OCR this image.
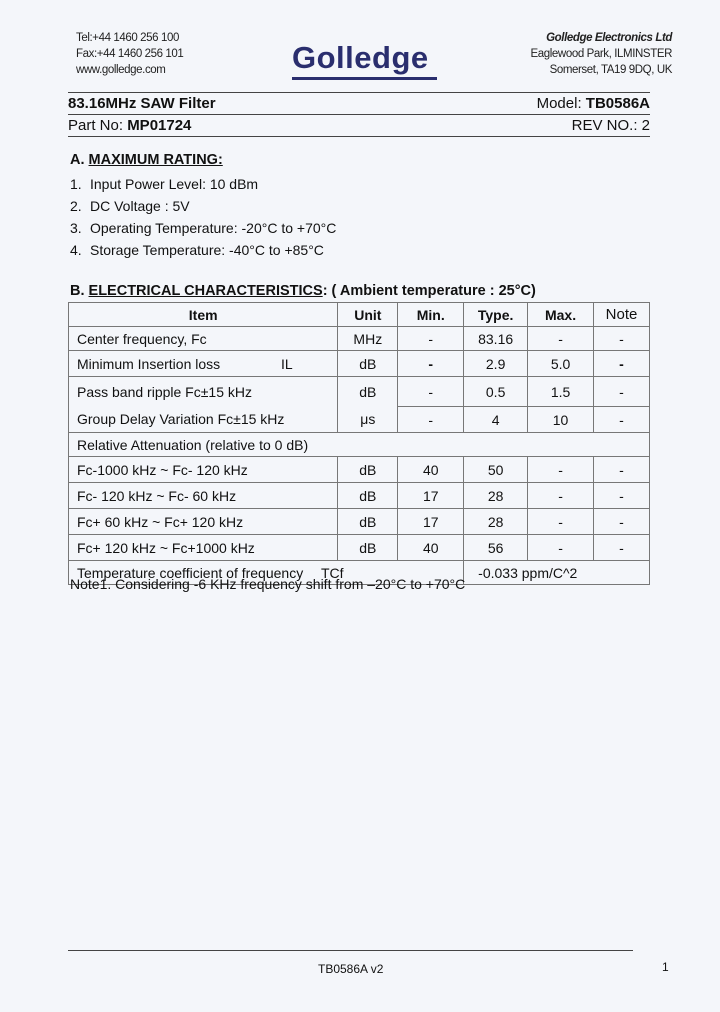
Tel:+44 1460 256 100
Fax:+44 1460 256 101
www.golledge.com	Golledge
Golledge Electronics Ltd
Eaglewood Park, ILMINSTER
Somerset, TA19 9DQ, UK
83.16MHz SAW Filter	Model: TB0586A
Part No: MP01724	REV NO.: 2
A. MAXIMUM RATING:
1. Input Power Level: 10 dBm
2. DC Voltage : 5V
3. Operating Temperature: -20°C to +70°C
4. Storage Temperature: -40°C to +85°C
B. ELECTRICAL CHARACTERISTICS: ( Ambient temperature : 25°C)
Item	Unit	Min.	Type.	Max.	Note
Center frequency, Fc	MHz	-	83.16	-	-
Minimum Insertion loss IL	dB	-	2.9	5.0	-
Pass band ripple Fc±15 kHz	dB	-	0.5	1.5	-
Group Delay Variation Fc±15 kHz	μs	-	4	10	-
Relative Attenuation (relative to 0 dB)					
Fc-1000 kHz ~ Fc- 120 kHz	dB	40	50	-	-
Fc- 120 kHz ~ Fc- 60 kHz	dB	17	28	-	-
Fc+ 60 kHz ~ Fc+ 120 kHz	dB	17	28	-	-
Fc+ 120 kHz ~ Fc+1000 kHz	dB	40	56	-	-
Temperature coefficient of frequency TCf			-0.033 ppm/C^2		
Note1. Considering -6 KHz frequency shift from –20°C to +70°C
TB0586A v2	1
